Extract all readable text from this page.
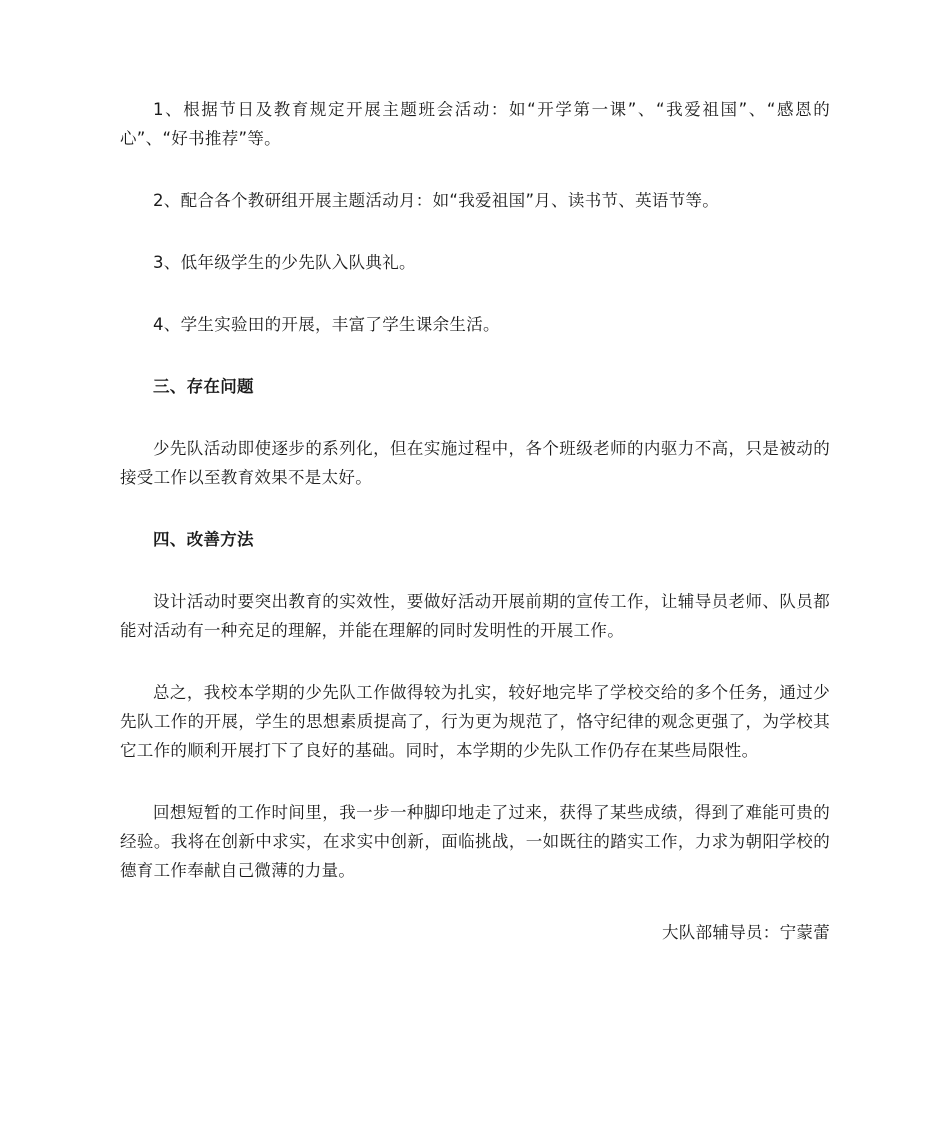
1、根据节日及教育规定开展主题班会活动：如“开学第一课”、“我爱祖国”、“感恩的心”、“好书推荐”等。

2、配合各个教研组开展主题活动月：如“我爱祖国”月、读书节、英语节等。

3、低年级学生的少先队入队典礼。

4、学生实验田的开展，丰富了学生课余生活。

三、存在问题

少先队活动即使逐步的系列化，但在实施过程中，各个班级老师的内驱力不高，只是被动的接受工作以至教育效果不是太好。

四、改善方法

设计活动时要突出教育的实效性，要做好活动开展前期的宣传工作，让辅导员老师、队员都能对活动有一种充足的理解，并能在理解的同时发明性的开展工作。

总之，我校本学期的少先队工作做得较为扎实，较好地完毕了学校交给的多个任务，通过少先队工作的开展，学生的思想素质提高了，行为更为规范了，恪守纪律的观念更强了，为学校其它工作的顺利开展打下了良好的基础。同时，本学期的少先队工作仍存在某些局限性。

回想短暂的工作时间里，我一步一种脚印地走了过来，获得了某些成绩，得到了难能可贵的经验。我将在创新中求实，在求实中创新，面临挑战，一如既往的踏实工作，力求为朝阳学校的德育工作奉献自己微薄的力量。

大队部辅导员：宁蒙蕾
